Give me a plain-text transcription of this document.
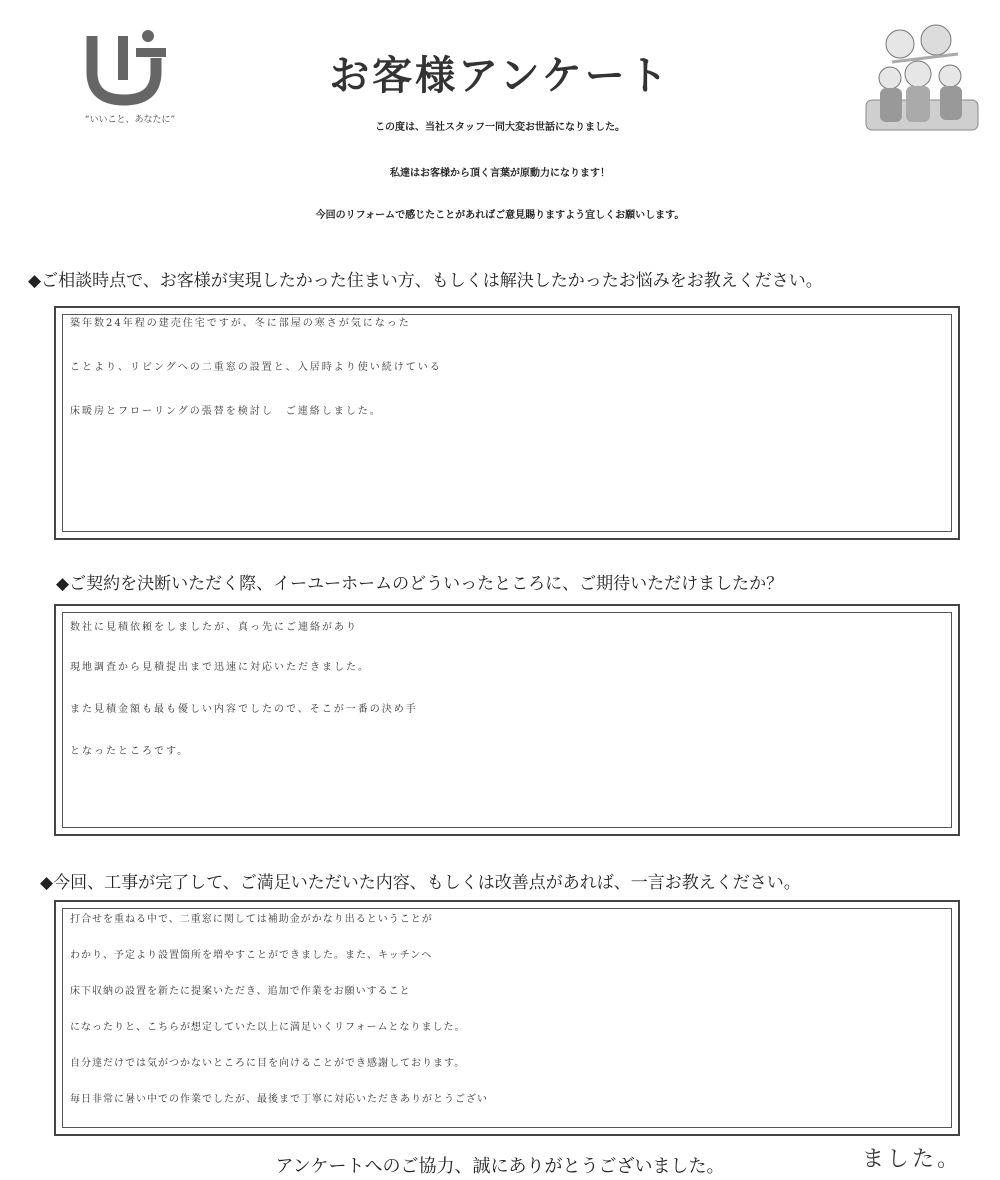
“いいこと、あなたに”
お客様アンケート
この度は、当社スタッフ一同大変お世話になりました。
私達はお客様から頂く言葉が原動力になります！
今回のリフォームで感じたことがあればご意見賜りますよう宜しくお願いします。
◆ご相談時点で、お客様が実現したかった住まい方、もしくは解決したかったお悩みをお教えください。
築年数24年程の建売住宅ですが、冬に部屋の寒さが気になった
ことより、リビングへの二重窓の設置と、入居時より使い続けている
床暖房とフローリングの張替を検討し　ご連絡しました。
◆ご契約を決断いただく際、イーユーホームのどういったところに、ご期待いただけましたか？
数社に見積依頼をしましたが、真っ先にご連絡があり
現地調査から見積提出まで迅速に対応いただきました。
また見積金額も最も優しい内容でしたので、そこが一番の決め手
となったところです。
◆今回、工事が完了して、ご満足いただいた内容、もしくは改善点があれば、一言お教えください。
打合せを重ねる中で、二重窓に関しては補助金がかなり出るということが
わかり、予定より設置箇所を増やすことができました。また、キッチンへ
床下収納の設置を新たに提案いただき、追加で作業をお願いすること
になったりと、こちらが想定していた以上に満足いくリフォームとなりました。
自分達だけでは気がつかないところに目を向けることができ感謝しております。
毎日非常に暑い中での作業でしたが、最後まで丁寧に対応いただきありがとうござい
ました。
アンケートへのご協力、誠にありがとうございました。
